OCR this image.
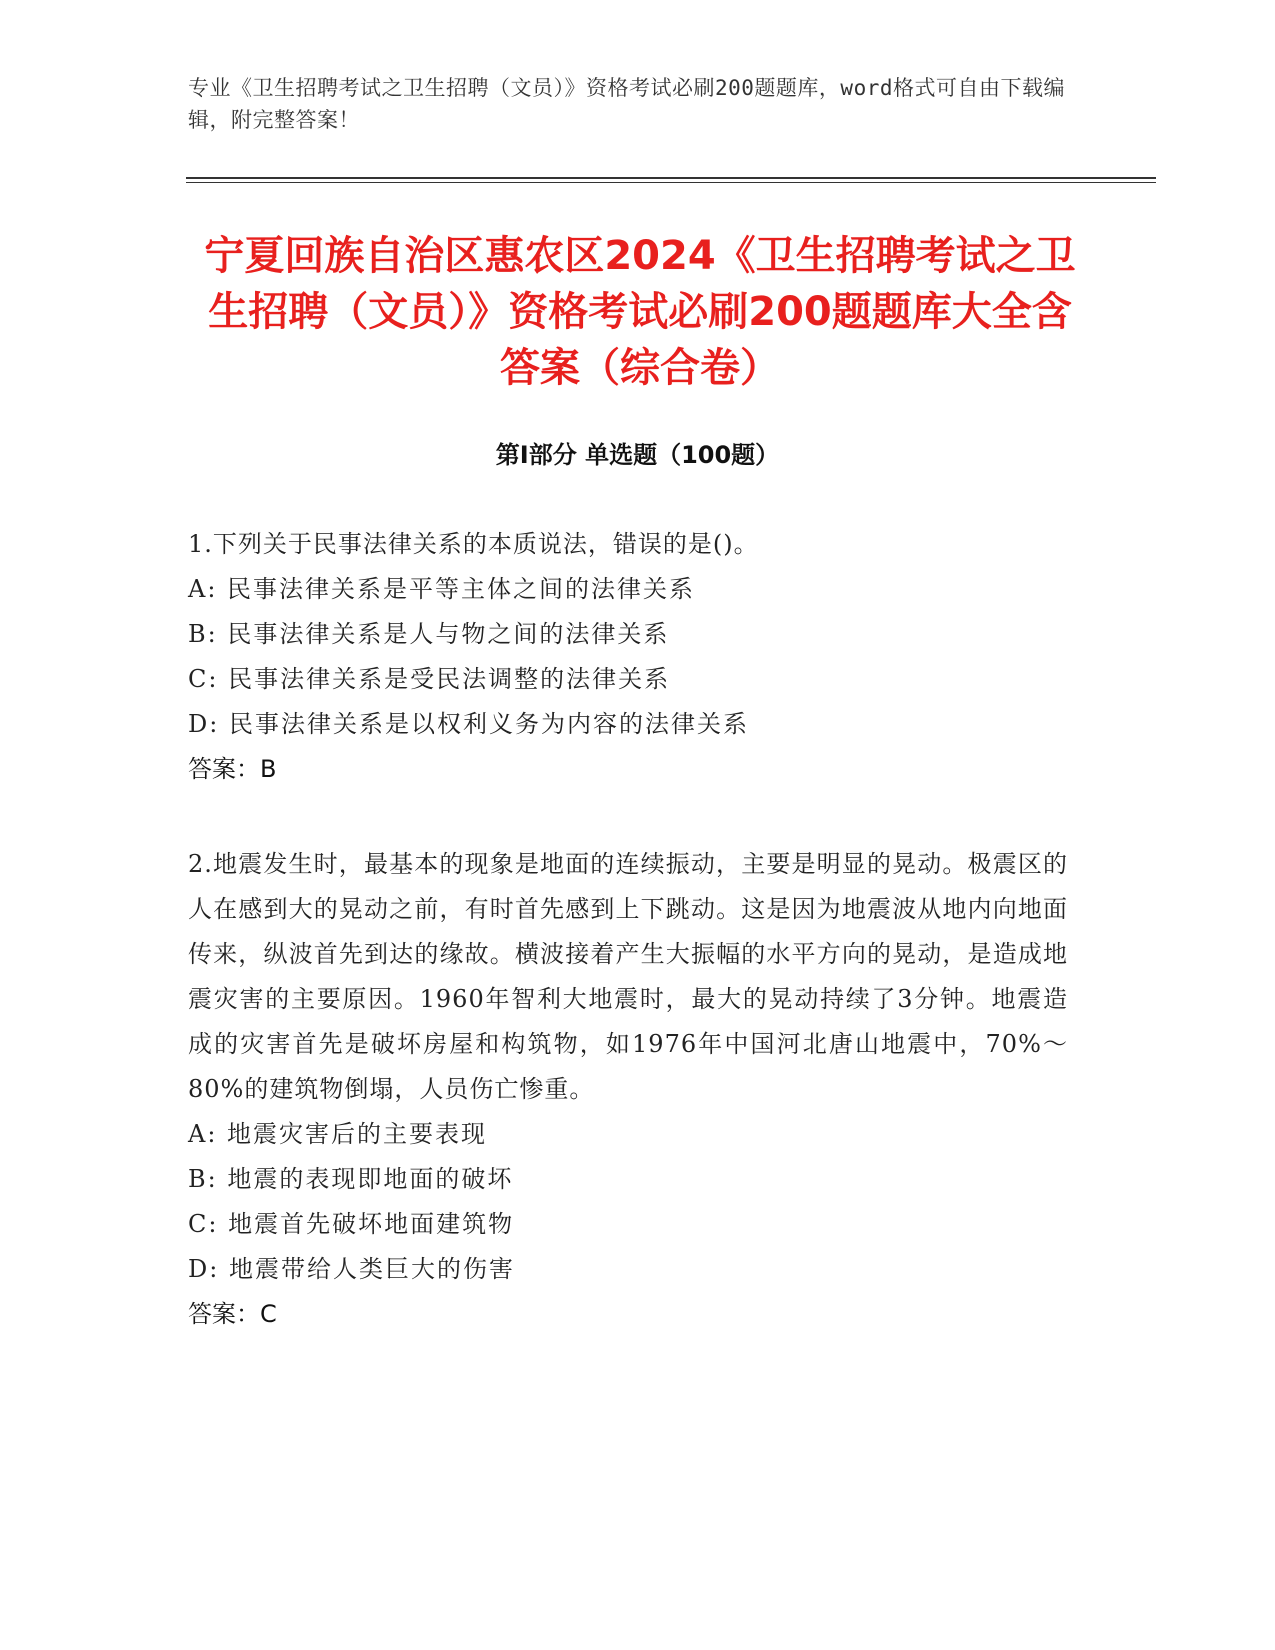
专业《卫生招聘考试之卫生招聘（文员）》资格考试必刷200题题库，word格式可自由下载编辑，附完整答案！
宁夏回族自治区惠农区2024《卫生招聘考试之卫生招聘（文员）》资格考试必刷200题题库大全含答案（综合卷）
第Ⅰ部分 单选题（100题）

1.下列关于民事法律关系的本质说法，错误的是()。

A: 民事法律关系是平等主体之间的法律关系

B: 民事法律关系是人与物之间的法律关系

C: 民事法律关系是受民法调整的法律关系

D: 民事法律关系是以权利义务为内容的法律关系

答案：B

2.地震发生时，最基本的现象是地面的连续振动，主要是明显的晃动。极震区的人在感到大的晃动之前，有时首先感到上下跳动。这是因为地震波从地内向地面传来，纵波首先到达的缘故。横波接着产生大振幅的水平方向的晃动，是造成地震灾害的主要原因。1960年智利大地震时，最大的晃动持续了3分钟。地震造成的灾害首先是破坏房屋和构筑物，如1976年中国河北唐山地震中，70%～80%的建筑物倒塌，人员伤亡惨重。

A: 地震灾害后的主要表现

B: 地震的表现即地面的破坏

C: 地震首先破坏地面建筑物

D: 地震带给人类巨大的伤害

答案：C
